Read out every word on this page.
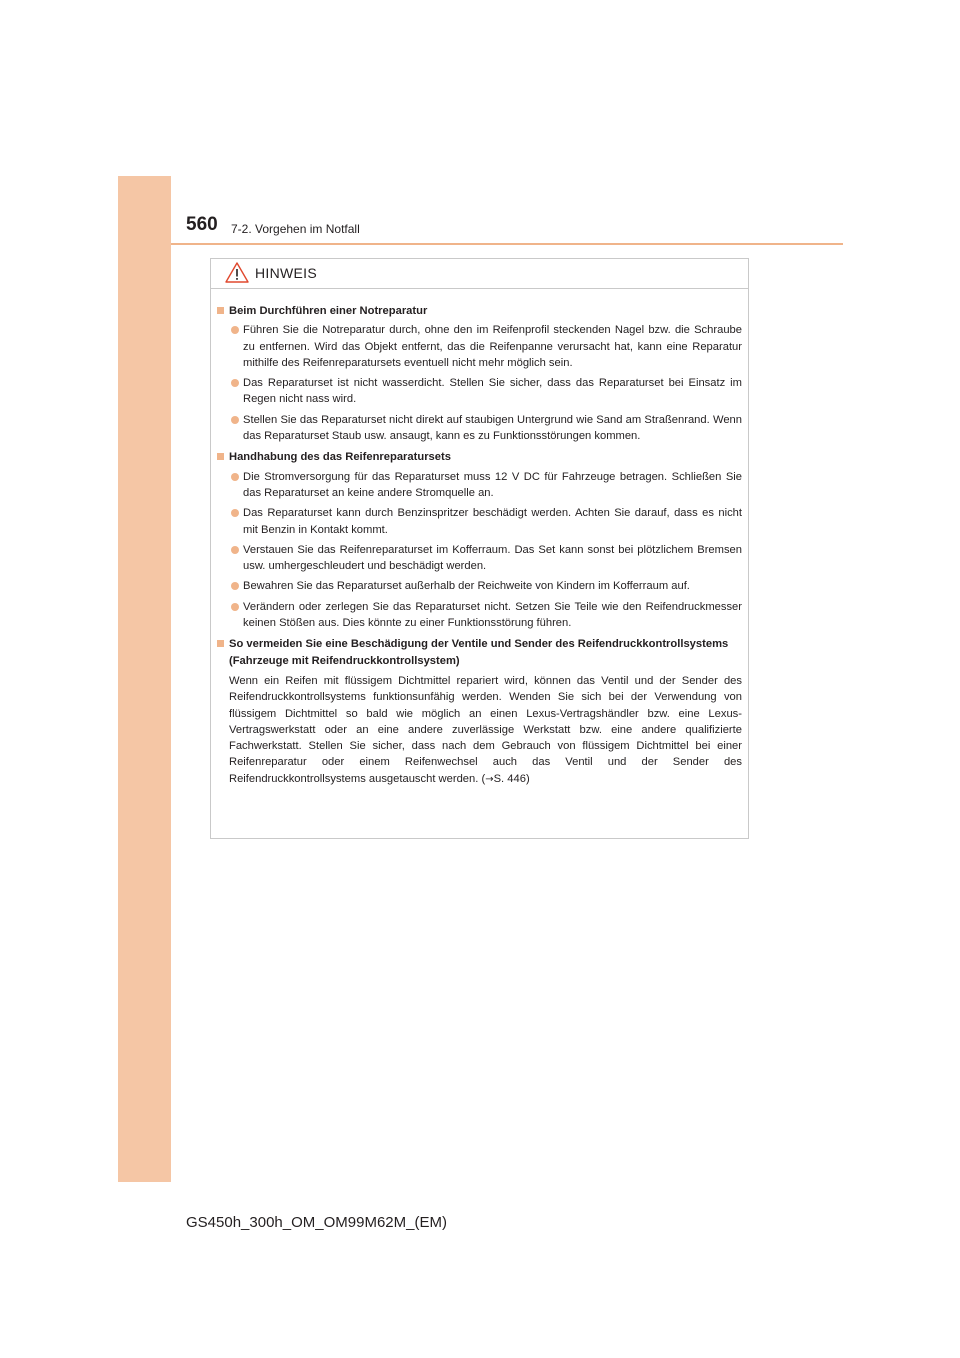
560 7-2. Vorgehen im Notfall
HINWEIS
Beim Durchführen einer Notreparatur
Führen Sie die Notreparatur durch, ohne den im Reifenprofil steckenden Nagel bzw. die Schraube zu entfernen. Wird das Objekt entfernt, das die Reifenpanne verursacht hat, kann eine Reparatur mithilfe des Reifenreparatursets eventuell nicht mehr möglich sein.
Das Reparaturset ist nicht wasserdicht. Stellen Sie sicher, dass das Reparaturset bei Einsatz im Regen nicht nass wird.
Stellen Sie das Reparaturset nicht direkt auf staubigen Untergrund wie Sand am Straßenrand. Wenn das Reparaturset Staub usw. ansaugt, kann es zu Funktionsstörungen kommen.
Handhabung des das Reifenreparatursets
Die Stromversorgung für das Reparaturset muss 12 V DC für Fahrzeuge betragen. Schließen Sie das Reparaturset an keine andere Stromquelle an.
Das Reparaturset kann durch Benzinspritzer beschädigt werden. Achten Sie darauf, dass es nicht mit Benzin in Kontakt kommt.
Verstauen Sie das Reifenreparaturset im Kofferraum. Das Set kann sonst bei plötzlichem Bremsen usw. umhergeschleudert und beschädigt werden.
Bewahren Sie das Reparaturset außerhalb der Reichweite von Kindern im Kofferraum auf.
Verändern oder zerlegen Sie das Reparaturset nicht. Setzen Sie Teile wie den Reifendruckmesser keinen Stößen aus. Dies könnte zu einer Funktionsstörung führen.
So vermeiden Sie eine Beschädigung der Ventile und Sender des Reifendruckkontrollsystems (Fahrzeuge mit Reifendruckkontrollsystem)
Wenn ein Reifen mit flüssigem Dichtmittel repariert wird, können das Ventil und der Sender des Reifendruckkontrollsystems funktionsunfähig werden. Wenden Sie sich bei der Verwendung von flüssigem Dichtmittel so bald wie möglich an einen Lexus-Vertragshändler bzw. eine Lexus-Vertragswerkstatt oder an eine andere zuverlässige Werkstatt bzw. eine andere qualifizierte Fachwerkstatt. Stellen Sie sicher, dass nach dem Gebrauch von flüssigem Dichtmittel bei einer Reifenreparatur oder einem Reifenwechsel auch das Ventil und der Sender des Reifendruckkontrollsystems ausgetauscht werden. (→S. 446)
GS450h_300h_OM_OM99M62M_(EM)
